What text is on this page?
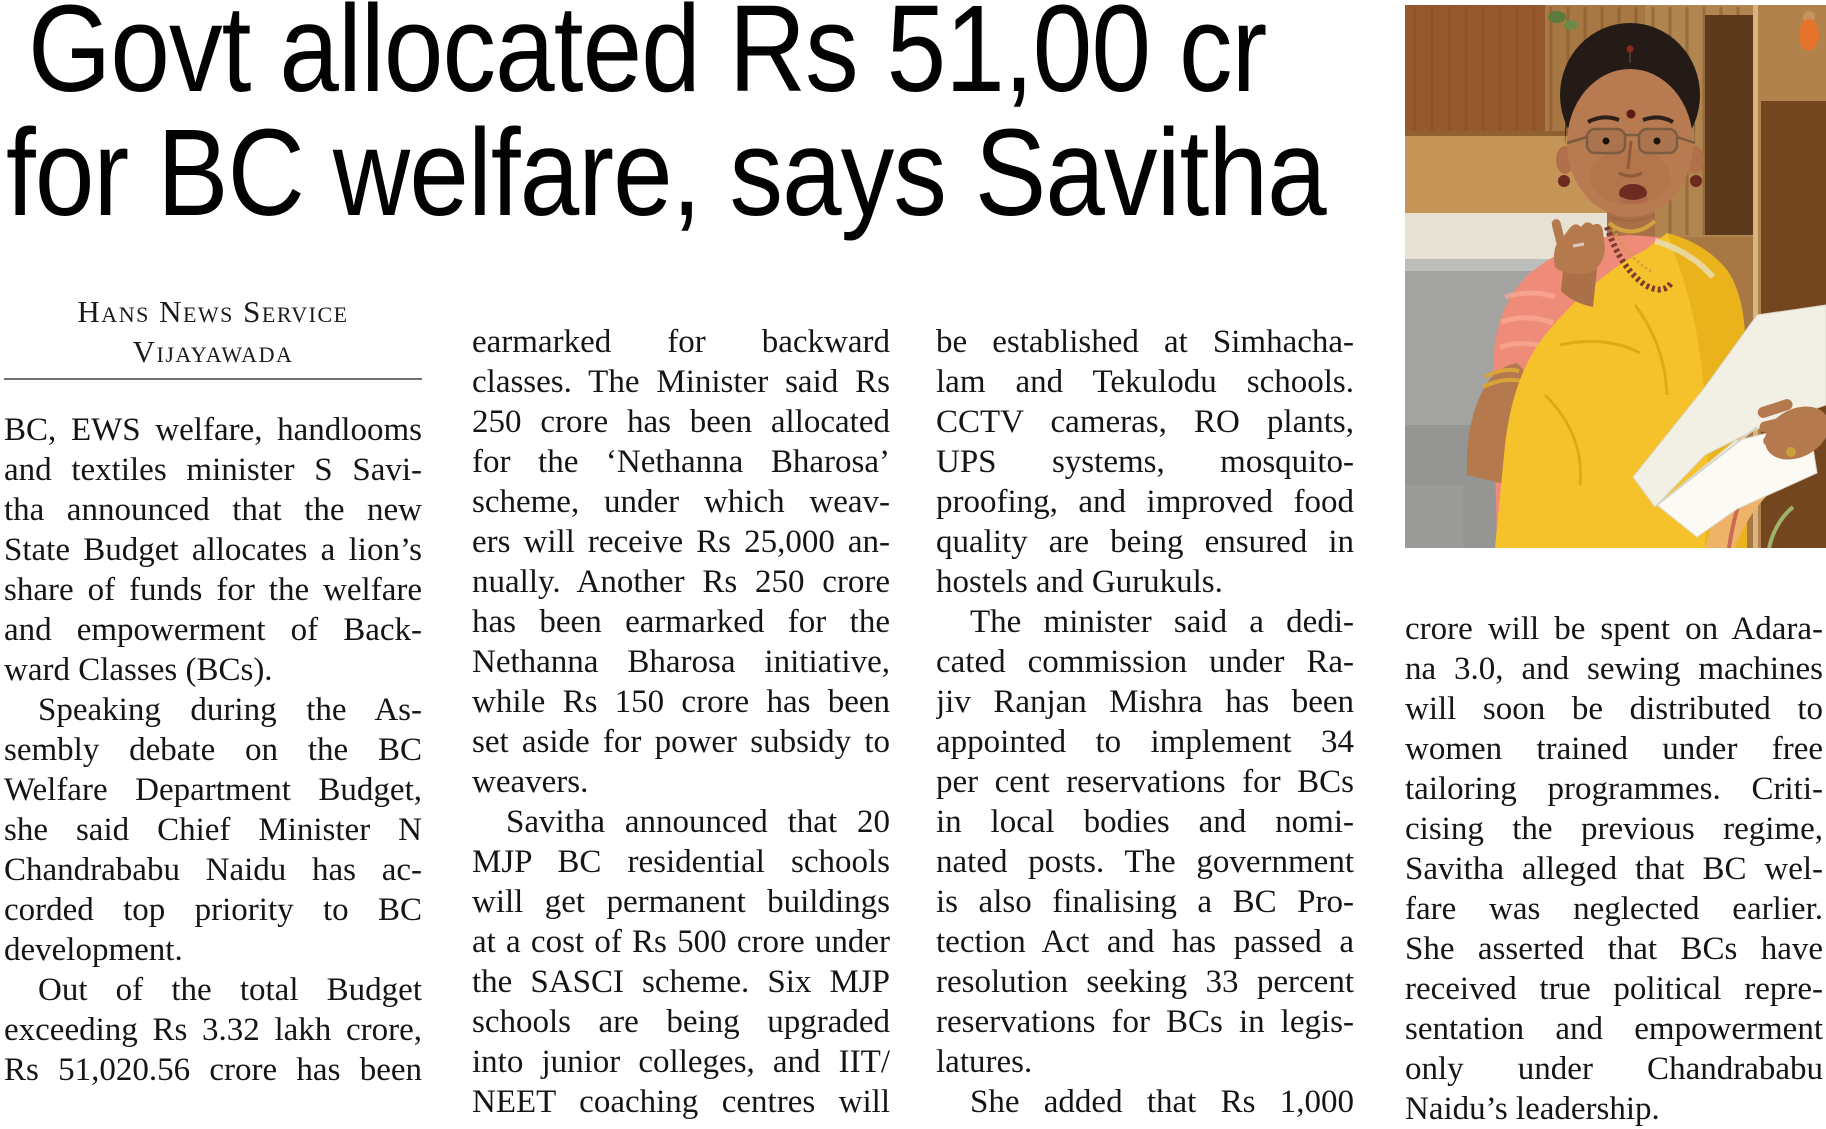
Govt allocated Rs 51,00 cr
for BC welfare, says Savitha
Hans News Service
Vijayawada
BC, EWS welfare, handlooms
and textiles minister S Savi-
tha announced that the new
State Budget allocates a lion’s
share of funds for the welfare
and empowerment of Back-
ward Classes (BCs).
Speaking during the As-
sembly debate on the BC
Welfare Department Budget,
she said Chief Minister N
Chandrababu Naidu has ac-
corded top priority to BC
development.
Out of the total Budget
exceeding Rs 3.32 lakh crore,
Rs 51,020.56 crore has been
earmarked for backward
classes. The Minister said Rs
250 crore has been allocated
for the ‘Nethanna Bharosa’
scheme, under which weav-
ers will receive Rs 25,000 an-
nually. Another Rs 250 crore
has been earmarked for the
Nethanna Bharosa initiative,
while Rs 150 crore has been
set aside for power subsidy to
weavers.
Savitha announced that 20
MJP BC residential schools
will get permanent buildings
at a cost of Rs 500 crore under
the SASCI scheme. Six MJP
schools are being upgraded
into junior colleges, and IIT/
NEET coaching centres will
be established at Simhacha-
lam and Tekulodu schools.
CCTV cameras, RO plants,
UPS systems, mosquito-
proofing, and improved food
quality are being ensured in
hostels and Gurukuls.
The minister said a dedi-
cated commission under Ra-
jiv Ranjan Mishra has been
appointed to implement 34
per cent reservations for BCs
in local bodies and nomi-
nated posts. The government
is also finalising a BC Pro-
tection Act and has passed a
resolution seeking 33 percent
reservations for BCs in legis-
latures.
She added that Rs 1,000
crore will be spent on Adara-
na 3.0, and sewing machines
will soon be distributed to
women trained under free
tailoring programmes. Criti-
cising the previous regime,
Savitha alleged that BC wel-
fare was neglected earlier.
She asserted that BCs have
received true political repre-
sentation and empowerment
only under Chandrababu
Naidu’s leadership.
